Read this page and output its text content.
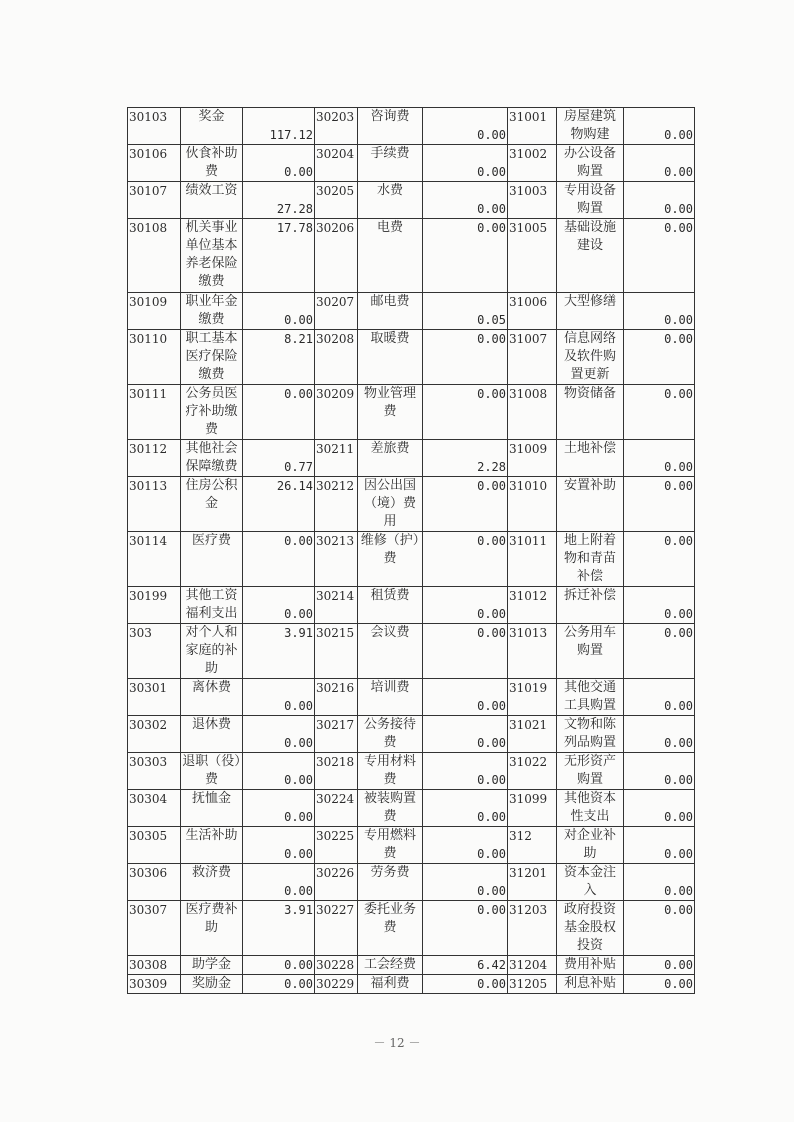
30103	奖金	117.12	30203	咨询费	0.00	31001	房屋建筑物购建	0.00
30106	伙食补助费	0.00	30204	手续费	0.00	31002	办公设备购置	0.00
30107	绩效工资	27.28	30205	水费	0.00	31003	专用设备购置	0.00
30108	机关事业单位基本养老保险缴费	17.78	30206	电费	0.00	31005	基础设施建设	0.00
30109	职业年金缴费	0.00	30207	邮电费	0.05	31006	大型修缮	0.00
30110	职工基本医疗保险缴费	8.21	30208	取暖费	0.00	31007	信息网络及软件购置更新	0.00
30111	公务员医疗补助缴费	0.00	30209	物业管理费	0.00	31008	物资储备	0.00
30112	其他社会保障缴费	0.77	30211	差旅费	2.28	31009	土地补偿	0.00
30113	住房公积金	26.14	30212	因公出国（境）费用	0.00	31010	安置补助	0.00
30114	医疗费	0.00	30213	维修（护）费	0.00	31011	地上附着物和青苗补偿	0.00
30199	其他工资福利支出	0.00	30214	租赁费	0.00	31012	拆迁补偿	0.00
303	对个人和家庭的补助	3.91	30215	会议费	0.00	31013	公务用车购置	0.00
30301	离休费	0.00	30216	培训费	0.00	31019	其他交通工具购置	0.00
30302	退休费	0.00	30217	公务接待费	0.00	31021	文物和陈列品购置	0.00
30303	退职（役）费	0.00	30218	专用材料费	0.00	31022	无形资产购置	0.00
30304	抚恤金	0.00	30224	被装购置费	0.00	31099	其他资本性支出	0.00
30305	生活补助	0.00	30225	专用燃料费	0.00	312	对企业补助	0.00
30306	救济费	0.00	30226	劳务费	0.00	31201	资本金注入	0.00
30307	医疗费补助	3.91	30227	委托业务费	0.00	31203	政府投资基金股权投资	0.00
30308	助学金	0.00	30228	工会经费	6.42	31204	费用补贴	0.00
30309	奖励金	0.00	30229	福利费	0.00	31205	利息补贴	0.00
－ 12 －
